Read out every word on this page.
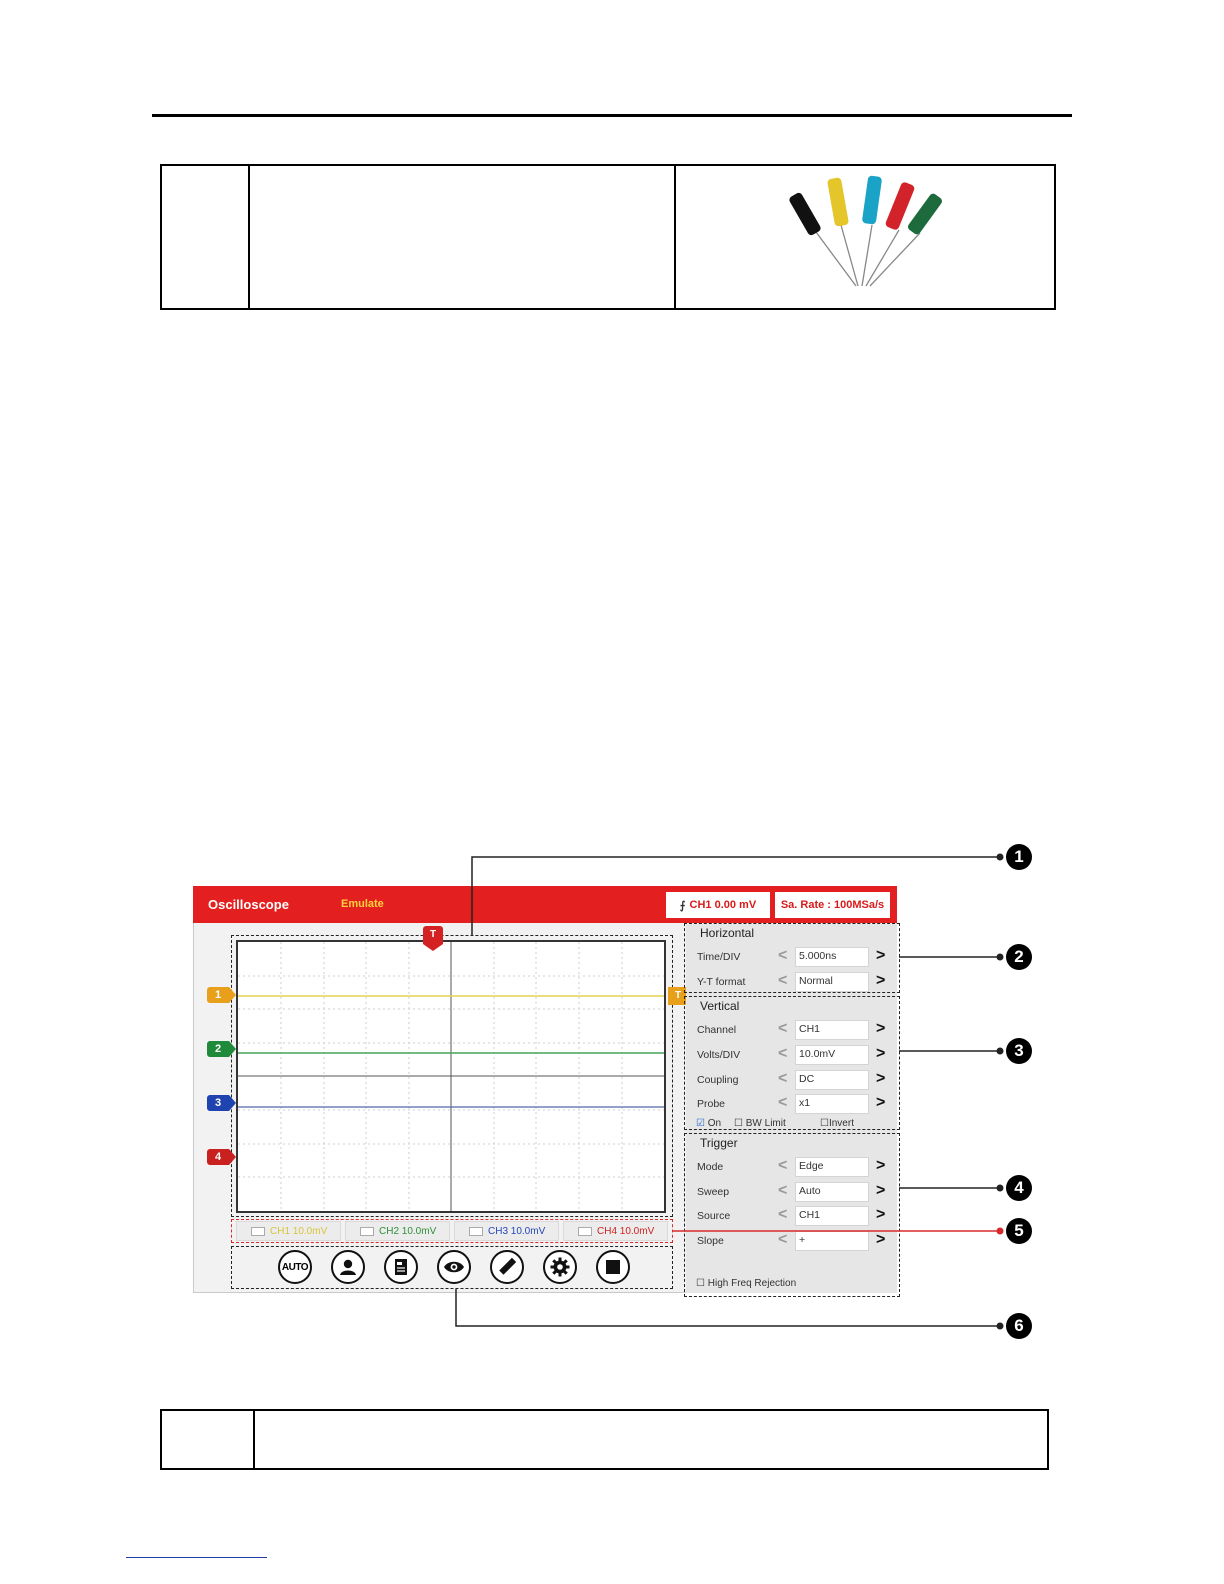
Oscilloscope	Emulate	⨍ CH1 0.00 mV Sa. Rate : 100MSa/s
T
T
1
2
3
4
CH1 10.0mV	CH2 10.0mV	CH3 10.0mV	CH4 10.0mV
AUTO
Horizontal
Time/DIV <	5.000ns	>
Y-T format <	Normal	>
Vertical
Channel	<	CH1	>
Volts/DIV <	10.0mV	>
Coupling <	DC	>
Probe	<	x1	>
☑ On ☐ BW Limit	☐Invert
Trigger
Mode	<	Edge	>
Sweep	<	Auto	>
Source	<	CH1	>
Slope	<	+	>
☐ High Freq Rejection
1
2
3
4
5
6
